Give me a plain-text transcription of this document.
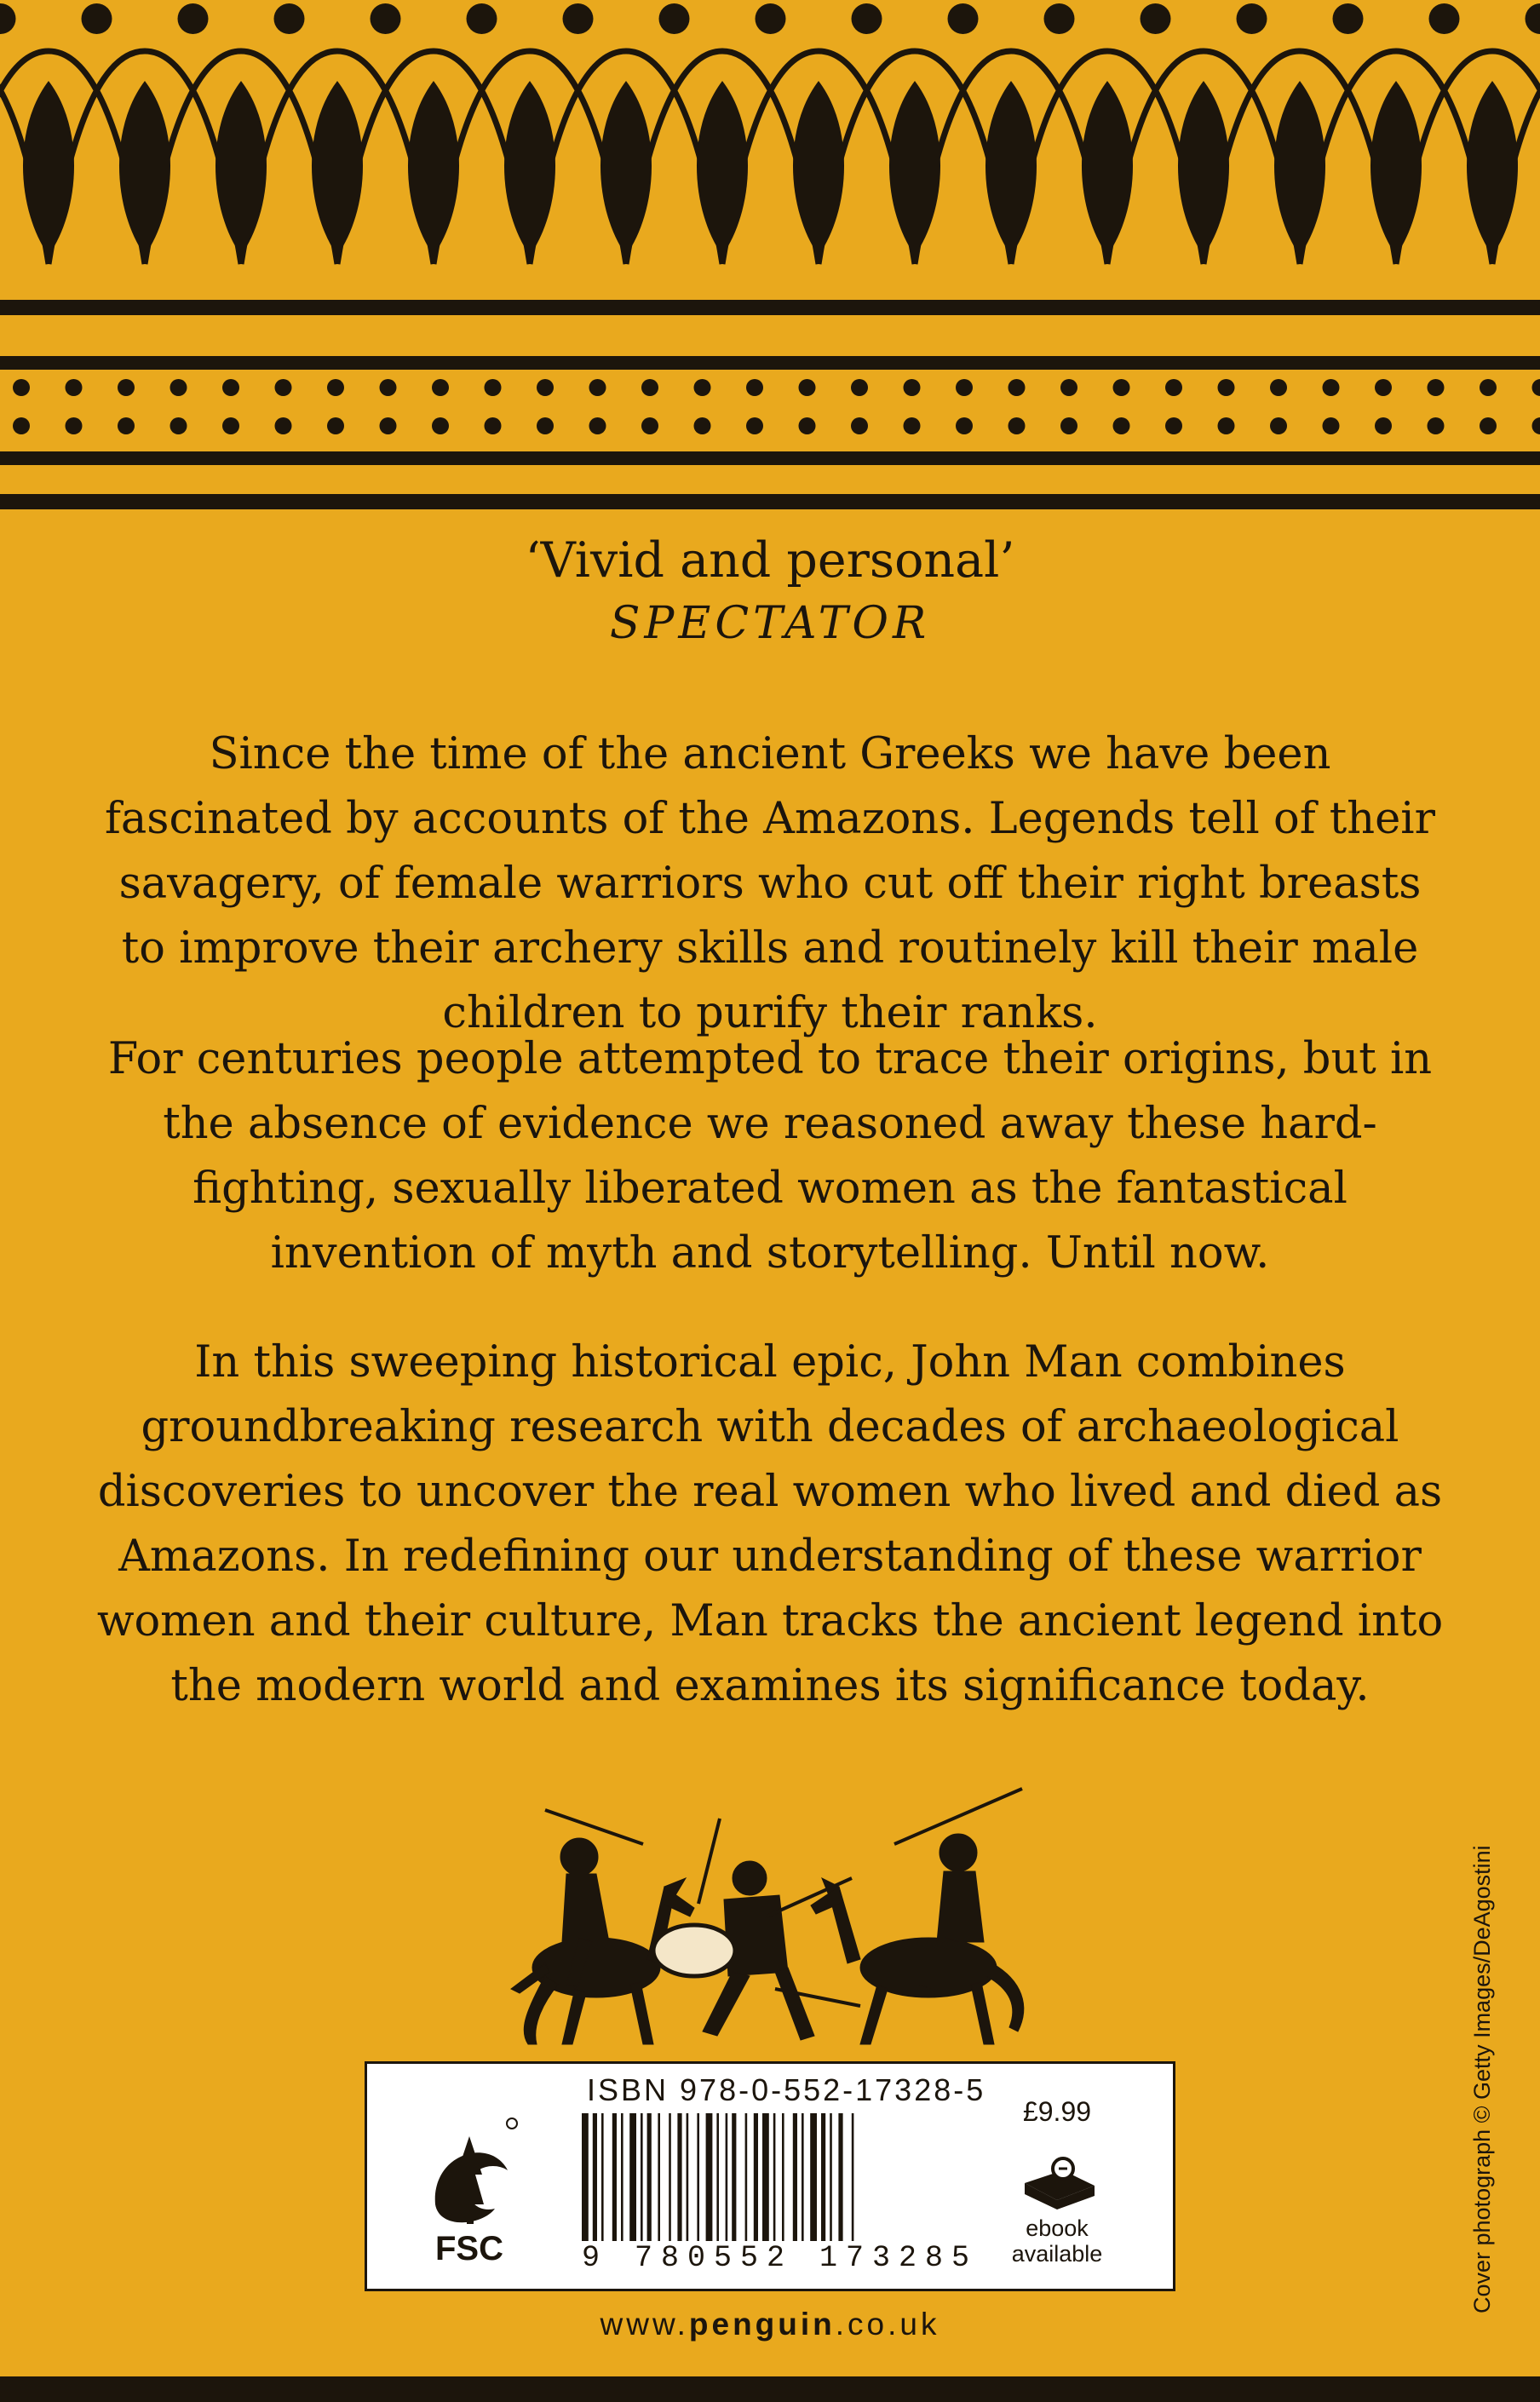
‘Vivid and personal’
SPECTATOR

Since the time of the ancient Greeks we have been fascinated by accounts of the Amazons. Legends tell of their savagery, of female warriors who cut off their right breasts to improve their archery skills and routinely kill their male children to purify their ranks.

For centuries people attempted to trace their origins, but in the absence of evidence we reasoned away these hard-fighting, sexually liberated women as the fantastical invention of myth and storytelling. Until now.

In this sweeping historical epic, John Man combines groundbreaking research with decades of archaeological discoveries to uncover the real women who lived and died as Amazons. In redefining our understanding of these warrior women and their culture, Man tracks the ancient legend into the modern world and examines its significance today.

Cover photograph © Getty Images/DeAgostini
FSC
ISBN 978-0-552-17328-5
9 780552 173285
£9.99
ebook
available
www.penguin.co.uk
